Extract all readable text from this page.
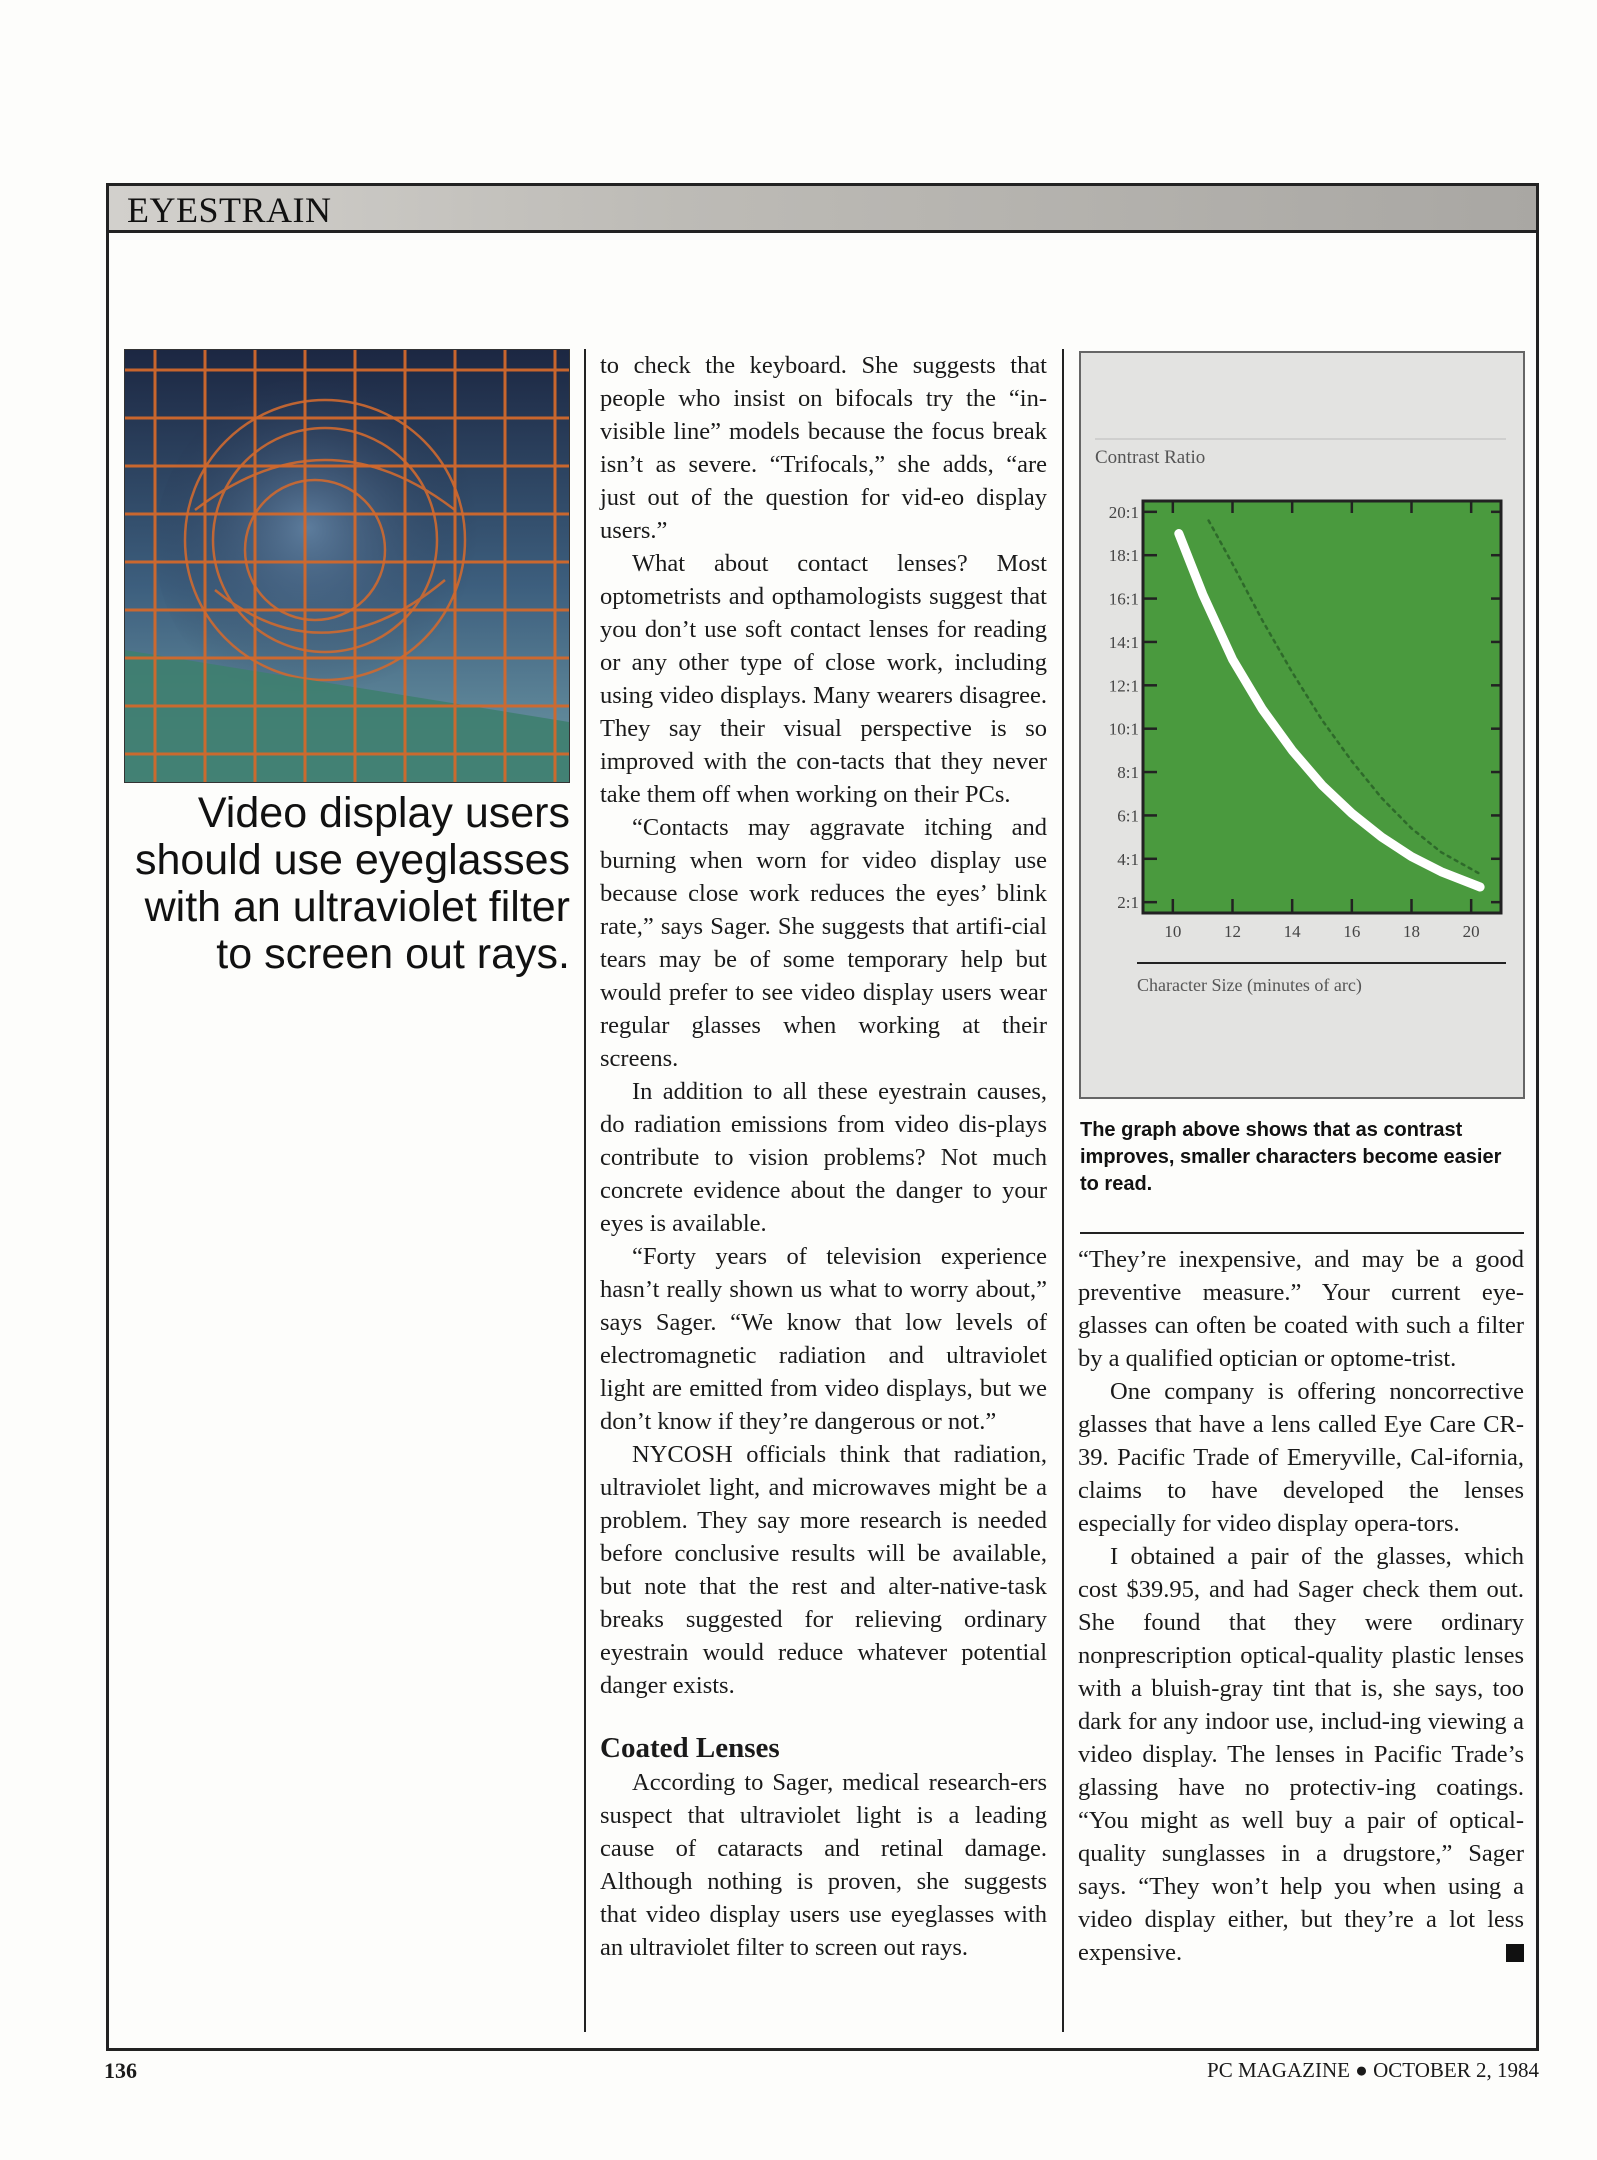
EYESTRAIN
Video display users should use eyeglasses with an ultraviolet filter to screen out rays.

to check the keyboard. She suggests that people who insist on bifocals try the “in-visible line” models because the focus break isn’t as severe. “Trifocals,” she adds, “are just out of the question for vid-eo display users.”

What about contact lenses? Most optometrists and opthamologists suggest that you don’t use soft contact lenses for reading or any other type of close work, including using video displays. Many wearers disagree. They say their visual perspective is so improved with the con-tacts that they never take them off when working on their PCs.

“Contacts may aggravate itching and burning when worn for video display use because close work reduces the eyes’ blink rate,” says Sager. She suggests that artifi-cial tears may be of some temporary help but would prefer to see video display users wear regular glasses when working at their screens.

In addition to all these eyestrain causes, do radiation emissions from video dis-plays contribute to vision problems? Not much concrete evidence about the danger to your eyes is available.

“Forty years of television experience hasn’t really shown us what to worry about,” says Sager. “We know that low levels of electromagnetic radiation and ultraviolet light are emitted from video displays, but we don’t know if they’re dangerous or not.”

NYCOSH officials think that radiation, ultraviolet light, and microwaves might be a problem. They say more research is needed before conclusive results will be available, but note that the rest and alter-native-task breaks suggested for relieving ordinary eyestrain would reduce whatever potential danger exists.

Coated Lenses

According to Sager, medical research-ers suspect that ultraviolet light is a leading cause of cataracts and retinal damage. Although nothing is proven, she suggests that video display users use eyeglasses with an ultraviolet filter to screen out rays.

Contrast Ratio
20:1
18:1
16:1
14:1
12:1
10:1
8:1
6:1
4:1
2:1
10	12	14	16	18	20
Character Size (minutes of arc)
The graph above shows that as contrast improves, smaller characters become easier to read.

“They’re inexpensive, and may be a good preventive measure.” Your current eye-glasses can often be coated with such a filter by a qualified optician or optome-trist.

One company is offering noncorrective glasses that have a lens called Eye Care CR-39. Pacific Trade of Emeryville, Cal-ifornia, claims to have developed the lenses especially for video display opera-tors.

I obtained a pair of the glasses, which cost $39.95, and had Sager check them out. She found that they were ordinary nonprescription optical-quality plastic lenses with a bluish-gray tint that is, she says, too dark for any indoor use, includ-ing viewing a video display. The lenses in Pacific Trade’s glassing have no protectiv-ing coatings. “You might as well buy a pair of optical-quality sunglasses in a drugstore,” Sager says. “They won’t help you when using a video display either, but they’re a lot less expensive.

136	PC MAGAZINE ● OCTOBER 2, 1984
